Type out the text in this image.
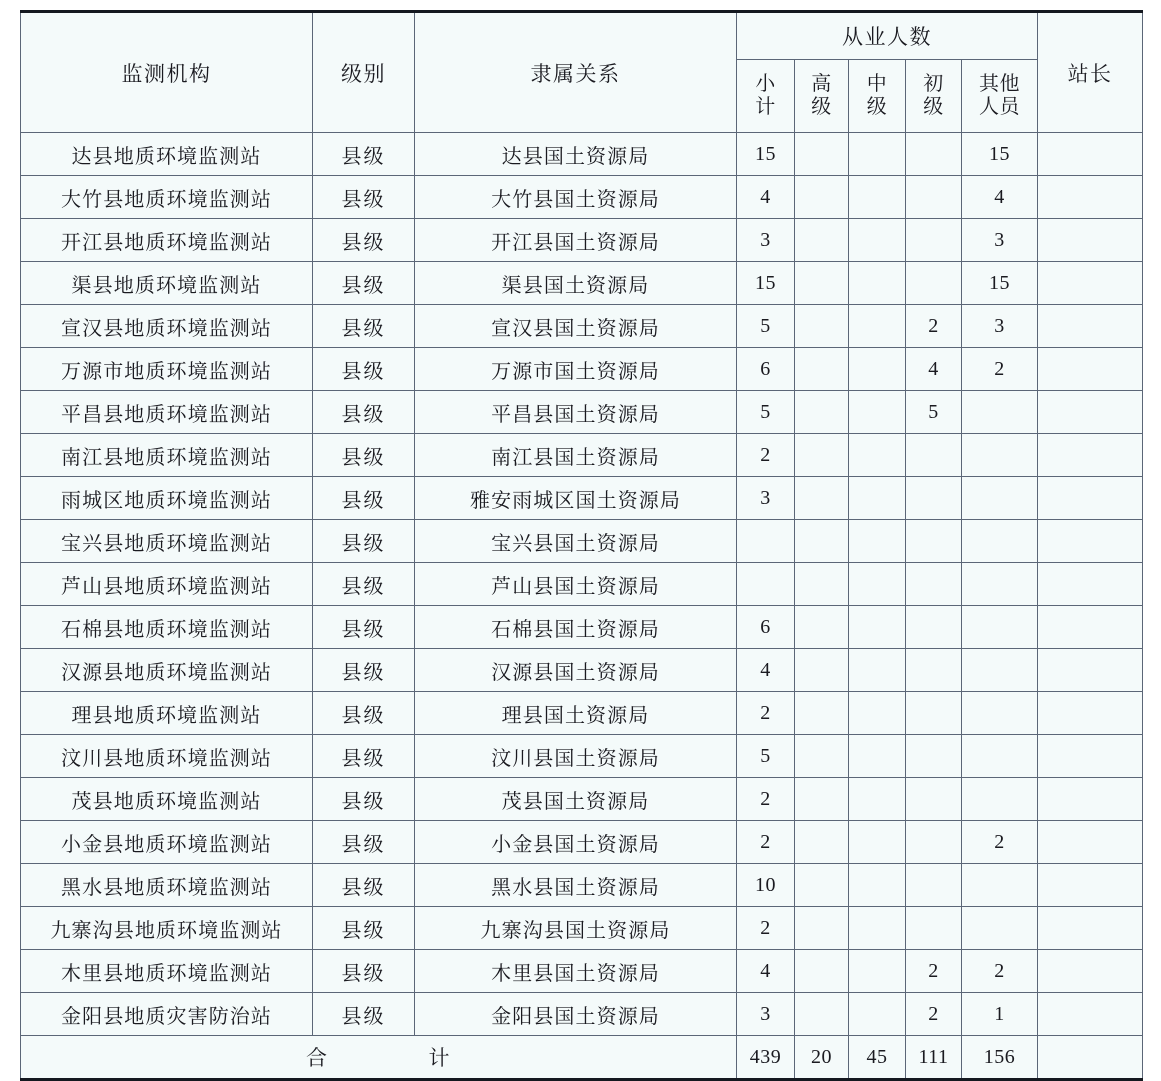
监测机构	级别	隶属关系	从业人数					站长
			小计	高级	中级	初级	其他人员	
达县地质环境监测站	县级	达县国土资源局	15				15	
大竹县地质环境监测站	县级	大竹县国土资源局	4				4	
开江县地质环境监测站	县级	开江县国土资源局	3				3	
渠县地质环境监测站	县级	渠县国土资源局	15				15	
宣汉县地质环境监测站	县级	宣汉县国土资源局	5			2	3	
万源市地质环境监测站	县级	万源市国土资源局	6			4	2	
平昌县地质环境监测站	县级	平昌县国土资源局	5			5		
南江县地质环境监测站	县级	南江县国土资源局	2					
雨城区地质环境监测站	县级	雅安雨城区国土资源局	3					
宝兴县地质环境监测站	县级	宝兴县国土资源局						
芦山县地质环境监测站	县级	芦山县国土资源局						
石棉县地质环境监测站	县级	石棉县国土资源局	6					
汉源县地质环境监测站	县级	汉源县国土资源局	4					
理县地质环境监测站	县级	理县国土资源局	2					
汶川县地质环境监测站	县级	汶川县国土资源局	5					
茂县地质环境监测站	县级	茂县国土资源局	2					
小金县地质环境监测站	县级	小金县国土资源局	2				2	
黑水县地质环境监测站	县级	黑水县国土资源局	10					
九寨沟县地质环境监测站	县级	九寨沟县国土资源局	2					
木里县地质环境监测站	县级	木里县国土资源局	4			2	2	
金阳县地质灾害防治站	县级	金阳县国土资源局	3			2	1	
合 计			439	20	45	111	156	
